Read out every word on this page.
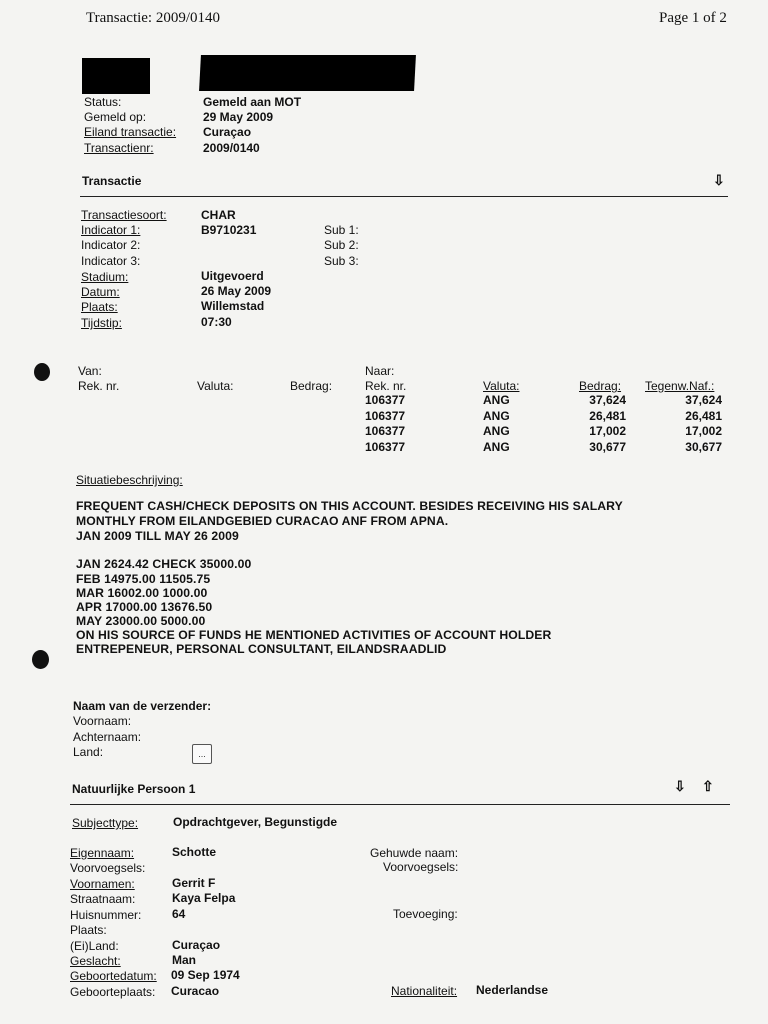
Transactie: 2009/0140	Page 1 of 2
Status:	Gemeld aan MOT
Gemeld op:	29 May 2009
Eiland transactie: Curaçao
Transactienr:	2009/0140
Transactie	⇩
Transactiesoort:	CHAR
Indicator 1:	B9710231
Indicator 2:
Indicator 3:
Sub 1:
Sub 2:
Sub 3:
Stadium:	Uitgevoerd
Datum:	26 May 2009
Plaats:	Willemstad
Tijdstip:	07:30
Van:
Rek. nr.	Valuta:	Bedrag:
Naar:
Rek. nr.	Valuta:	Bedrag: Tegenw.Naf.:
106377	ANG	37,624	37,624
106377	ANG	26,481	26,481
106377	ANG	17,002	17,002
106377	ANG	30,677	30,677
Situatiebeschrijving:
FREQUENT CASH/CHECK DEPOSITS ON THIS ACCOUNT. BESIDES RECEIVING HIS SALARY
MONTHLY FROM EILANDGEBIED CURACAO ANF FROM APNA.
JAN 2009 TILL MAY 26 2009
JAN 2624.42 CHECK 35000.00
FEB 14975.00 11505.75
MAR 16002.00 1000.00
APR 17000.00 13676.50
MAY 23000.00 5000.00
ON HIS SOURCE OF FUNDS HE MENTIONED ACTIVITIES OF ACCOUNT HOLDER
ENTREPENEUR, PERSONAL CONSULTANT, EILANDSRAADLID
Naam van de verzender:
Voornaam:
Achternaam:
Land:	...
Natuurlijke Persoon 1	⇩ ⇧
Subjecttype:	Opdrachtgever, Begunstigde
Eigennaam:	Schotte
Voorvoegsels:
Voornamen:	Gerrit F
Straatnaam:	Kaya Felpa
Huisnummer:	64
Plaats:
(Ei)Land:	Curaçao
Geslacht:	Man
Geboortedatum: 09 Sep 1974
Geboorteplaats: Curacao
Gehuwde naam:
Voorvoegsels:
Toevoeging:
Nationaliteit: Nederlandse
